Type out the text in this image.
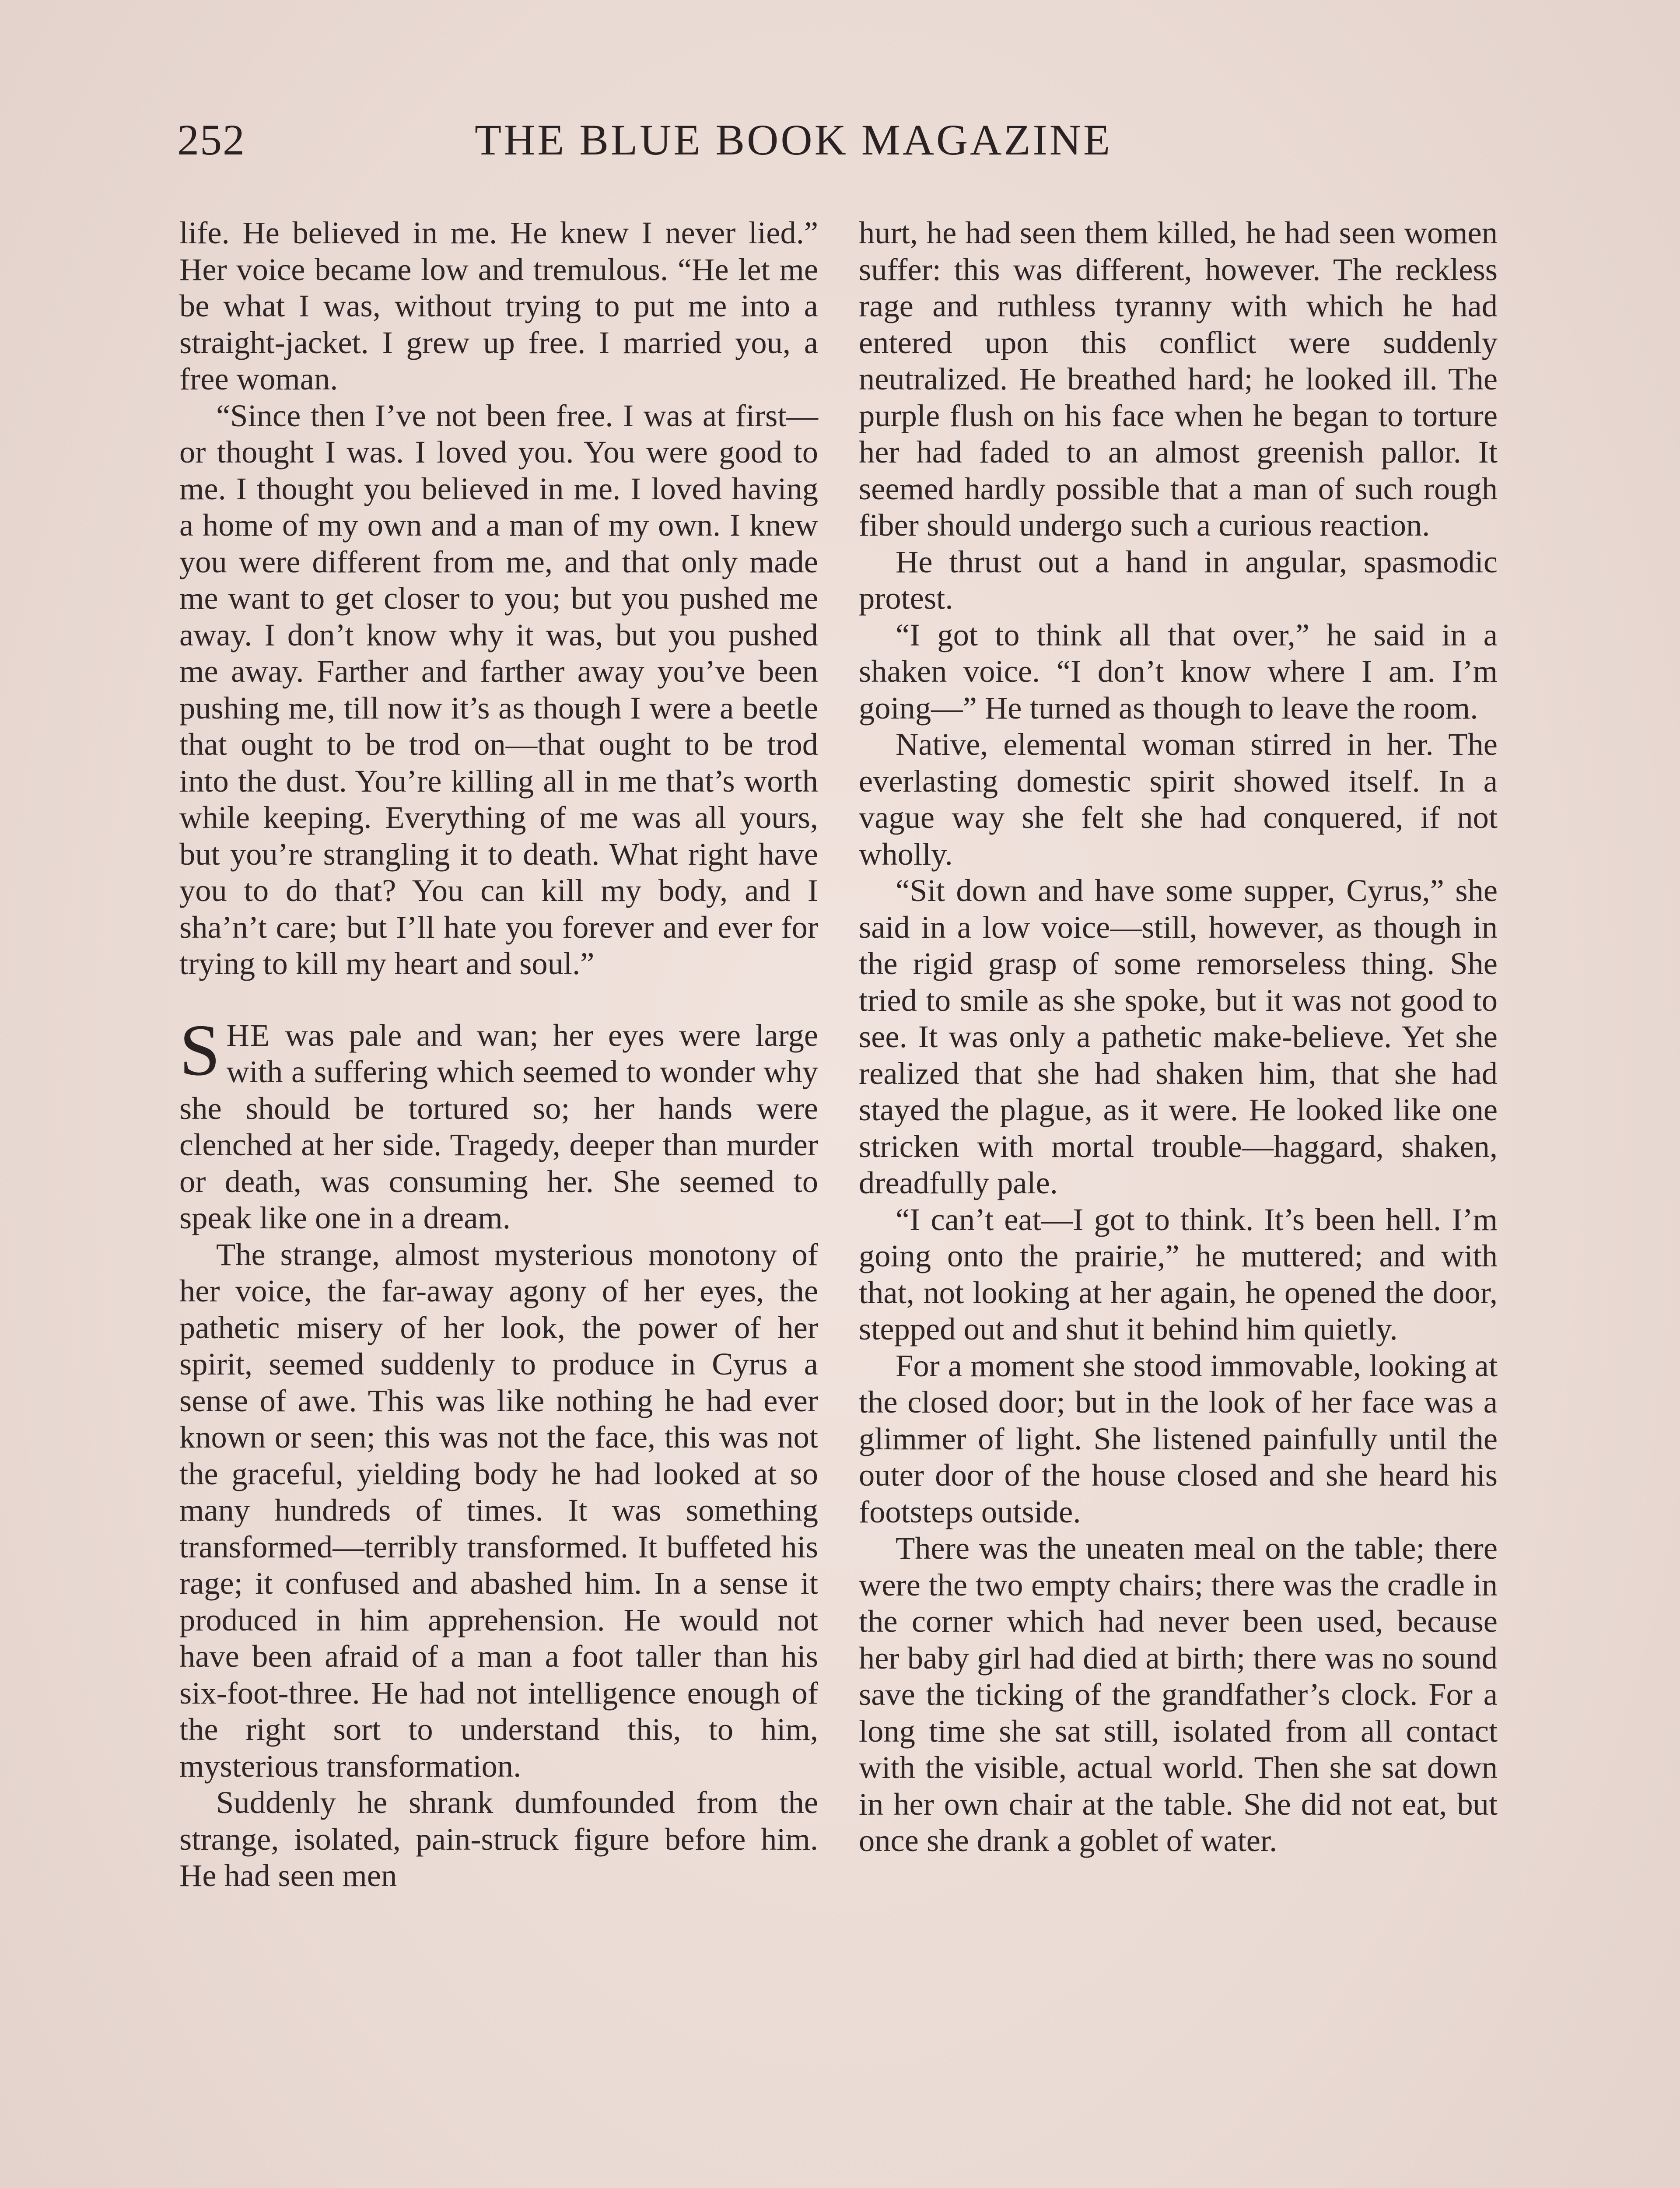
252	THE BLUE BOOK MAGAZINE

life. He believed in me. He knew I never lied.” Her voice became low and tremulous. “He let me be what I was, without trying to put me into a straight-jacket. I grew up free. I married you, a free woman.

“Since then I’ve not been free. I was at first—or thought I was. I loved you. You were good to me. I thought you believed in me. I loved having a home of my own and a man of my own. I knew you were different from me, and that only made me want to get closer to you; but you pushed me away. I don’t know why it was, but you pushed me away. Farther and farther away you’ve been pushing me, till now it’s as though I were a beetle that ought to be trod on—that ought to be trod into the dust. You’re killing all in me that’s worth while keeping. Everything of me was all yours, but you’re strangling it to death. What right have you to do that? You can kill my body, and I sha’n’t care; but I’ll hate you forever and ever for trying to kill my heart and soul.”

SHE was pale and wan; her eyes were large with a suffering which seemed to wonder why she should be tortured so; her hands were clenched at her side. Tragedy, deeper than murder or death, was consuming her. She seemed to speak like one in a dream.

The strange, almost mysterious monotony of her voice, the far-away agony of her eyes, the pathetic misery of her look, the power of her spirit, seemed suddenly to produce in Cyrus a sense of awe. This was like nothing he had ever known or seen; this was not the face, this was not the graceful, yielding body he had looked at so many hundreds of times. It was something transformed—terribly transformed. It buffeted his rage; it confused and abashed him. In a sense it produced in him apprehension. He would not have been afraid of a man a foot taller than his six-foot-three. He had not intelligence enough of the right sort to understand this, to him, mysterious transformation.

Suddenly he shrank dumfounded from the strange, isolated, pain-struck figure before him. He had seen men

hurt, he had seen them killed, he had seen women suffer: this was different, however. The reckless rage and ruthless tyranny with which he had entered upon this conflict were suddenly neutralized. He breathed hard; he looked ill. The purple flush on his face when he began to torture her had faded to an almost greenish pallor. It seemed hardly possible that a man of such rough fiber should undergo such a curious reaction.

He thrust out a hand in angular, spasmodic protest.

“I got to think all that over,” he said in a shaken voice. “I don’t know where I am. I’m going—” He turned as though to leave the room.

Native, elemental woman stirred in her. The everlasting domestic spirit showed itself. In a vague way she felt she had conquered, if not wholly.

“Sit down and have some supper, Cyrus,” she said in a low voice—still, however, as though in the rigid grasp of some remorseless thing. She tried to smile as she spoke, but it was not good to see. It was only a pathetic make-believe. Yet she realized that she had shaken him, that she had stayed the plague, as it were. He looked like one stricken with mortal trouble—haggard, shaken, dreadfully pale.

“I can’t eat—I got to think. It’s been hell. I’m going onto the prairie,” he muttered; and with that, not looking at her again, he opened the door, stepped out and shut it behind him quietly.

For a moment she stood immovable, looking at the closed door; but in the look of her face was a glimmer of light. She listened painfully until the outer door of the house closed and she heard his footsteps outside.

There was the uneaten meal on the table; there were the two empty chairs; there was the cradle in the corner which had never been used, because her baby girl had died at birth; there was no sound save the ticking of the grandfather’s clock. For a long time she sat still, isolated from all contact with the visible, actual world. Then she sat down in her own chair at the table. She did not eat, but once she drank a goblet of water.
